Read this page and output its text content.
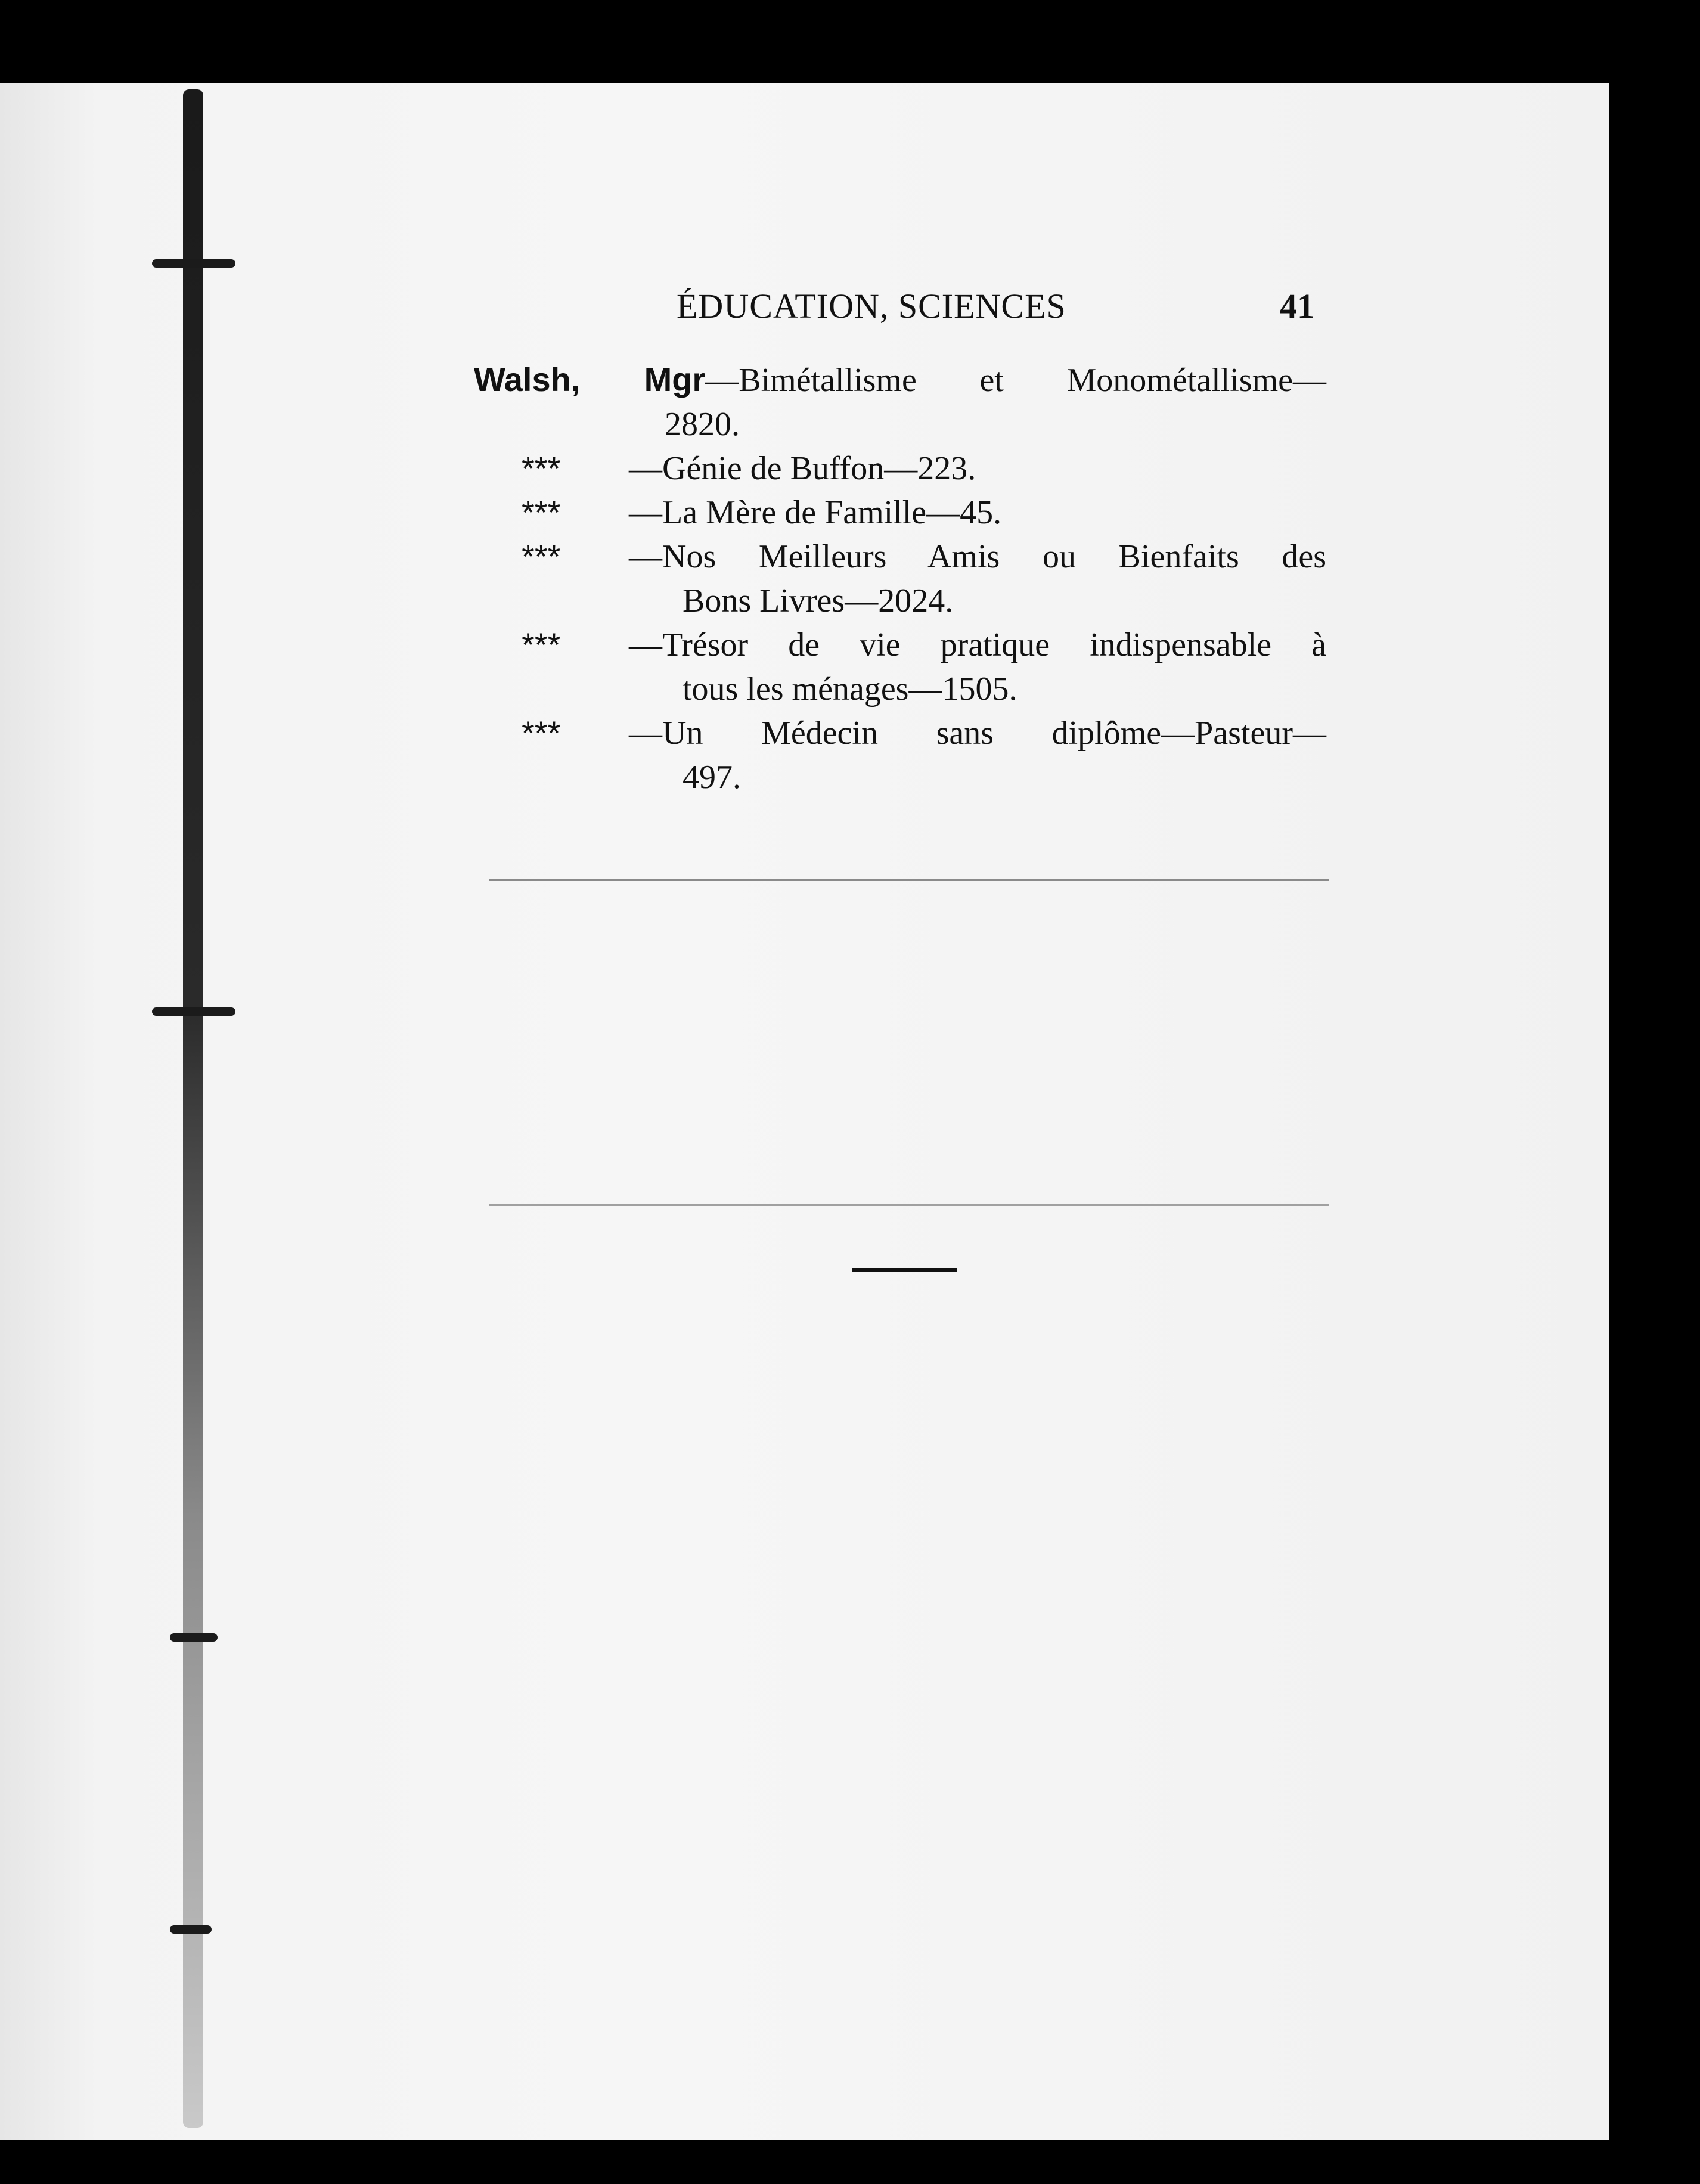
ÉDUCATION, SCIENCES	41
Walsh, Mgr—Bimétallisme et Monométallisme—
2820.
*** —Génie de Buffon—223.
*** —La Mère de Famille—45.
*** —Nos Meilleurs Amis ou Bienfaits des
Bons Livres—2024.
*** —Trésor de vie pratique indispensable à
tous les ménages—1505.
*** —Un Médecin sans diplôme—Pasteur—
497.
